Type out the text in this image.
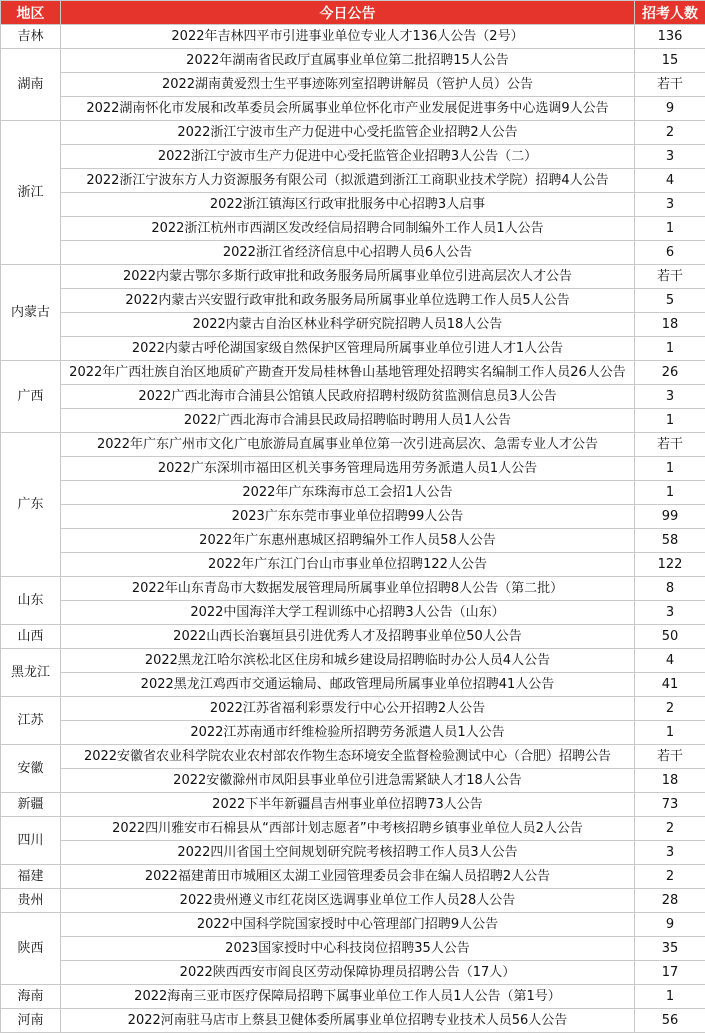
地区	今日公告	招考人数
吉林	2022年吉林四平市引进事业单位专业人才136人公告（2号）	136
湖南	2022年湖南省民政厅直属事业单位第二批招聘15人公告	15
	2022湖南黄爱烈士生平事迹陈列室招聘讲解员（管护人员）公告	若干
	2022湖南怀化市发展和改革委员会所属事业单位怀化市产业发展促进事务中心选调9人公告	9
浙江	2022浙江宁波市生产力促进中心受托监管企业招聘2人公告	2
	2022浙江宁波市生产力促进中心受托监管企业招聘3人公告（二）	3
	2022浙江宁波东方人力资源服务有限公司（拟派遣到浙江工商职业技术学院）招聘4人公告	4
	2022浙江镇海区行政审批服务中心招聘3人启事	3
	2022浙江杭州市西湖区发改经信局招聘合同制编外工作人员1人公告	1
	2022浙江省经济信息中心招聘人员6人公告	6
内蒙古	2022内蒙古鄂尔多斯行政审批和政务服务局所属事业单位引进高层次人才公告	若干
	2022内蒙古兴安盟行政审批和政务服务局所属事业单位选聘工作人员5人公告	5
	2022内蒙古自治区林业科学研究院招聘人员18人公告	18
	2022内蒙古呼伦湖国家级自然保护区管理局所属事业单位引进人才1人公告	1
广西	2022年广西壮族自治区地质矿产勘查开发局桂林鲁山基地管理处招聘实名编制工作人员26人公告	26
	2022广西北海市合浦县公馆镇人民政府招聘村级防贫监测信息员3人公告	3
	2022广西北海市合浦县民政局招聘临时聘用人员1人公告	1
广东	2022年广东广州市文化广电旅游局直属事业单位第一次引进高层次、急需专业人才公告	若干
	2022广东深圳市福田区机关事务管理局选用劳务派遣人员1人公告	1
	2022年广东珠海市总工会招1人公告	1
	2023广东东莞市事业单位招聘99人公告	99
	2022年广东惠州惠城区招聘编外工作人员58人公告	58
	2022年广东江门台山市事业单位招聘122人公告	122
山东	2022年山东青岛市大数据发展管理局所属事业单位招聘8人公告（第二批）	8
	2022中国海洋大学工程训练中心招聘3人公告（山东）	3
山西	2022山西长治襄垣县引进优秀人才及招聘事业单位50人公告	50
黑龙江	2022黑龙江哈尔滨松北区住房和城乡建设局招聘临时办公人员4人公告	4
	2022黑龙江鸡西市交通运输局、邮政管理局所属事业单位招聘41人公告	41
江苏	2022江苏省福利彩票发行中心公开招聘2人公告	2
	2022江苏南通市纤维检验所招聘劳务派遣人员1人公告	1
安徽	2022安徽省农业科学院农业农村部农作物生态环境安全监督检验测试中心（合肥）招聘公告	若干
	2022安徽滁州市凤阳县事业单位引进急需紧缺人才18人公告	18
新疆	2022下半年新疆昌吉州事业单位招聘73人公告	73
四川	2022四川雅安市石棉县从“西部计划志愿者”中考核招聘乡镇事业单位人员2人公告	2
	2022四川省国土空间规划研究院考核招聘工作人员3人公告	3
福建	2022福建莆田市城厢区太湖工业园管理委员会非在编人员招聘2人公告	2
贵州	2022贵州遵义市红花岗区选调事业单位工作人员28人公告	28
陕西	2022中国科学院国家授时中心管理部门招聘9人公告	9
	2023国家授时中心科技岗位招聘35人公告	35
	2022陕西西安市阎良区劳动保障协理员招聘公告（17人）	17
海南	2022海南三亚市医疗保障局招聘下属事业单位工作人员1人公告（第1号）	1
河南	2022河南驻马店市上蔡县卫健体委所属事业单位招聘专业技术人员56人公告	56
